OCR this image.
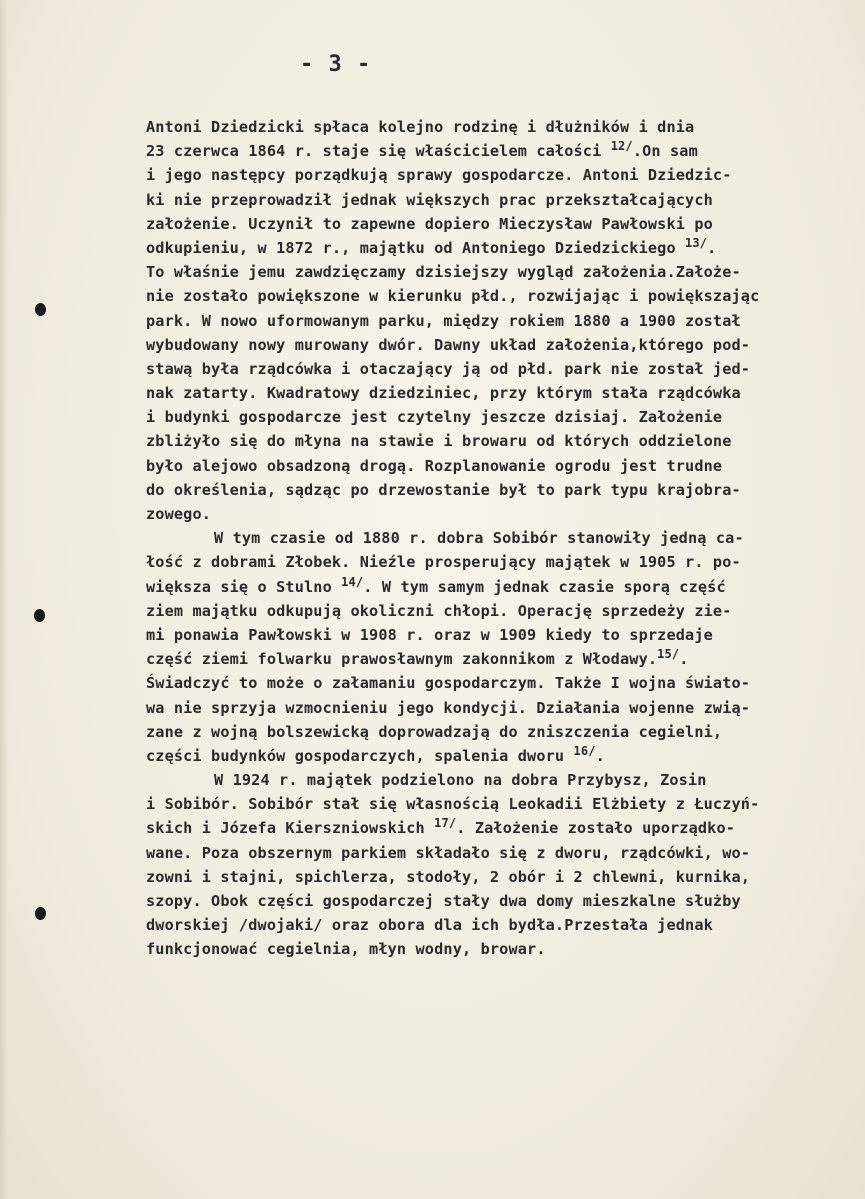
- 3 -
Antoni Dziedzicki spłaca kolejno rodzinę i dłużników i dnia
23 czerwca 1864 r. staje się właścicielem całości $^{12/}$.On sam
i jego następcy porządkują sprawy gospodarcze. Antoni Dziedzic-
ki nie przeprowadził jednak większych prac przekształcających
założenie. Uczynił to zapewne dopiero Mieczysław Pawłowski po
odkupieniu, w 1872 r., majątku od Antoniego Dziedzickiego $^{13/}$.
To właśnie jemu zawdzięczamy dzisiejszy wygląd założenia.Założe-
nie zostało powiększone w kierunku płd., rozwijając i powiększając
park. W nowo uformowanym parku, między rokiem 1880 a 1900 został
wybudowany nowy murowany dwór. Dawny układ założenia,którego pod-
stawą była rządcówka i otaczający ją od płd. park nie został jed-
nak zatarty. Kwadratowy dziedziniec, przy którym stała rządcówka
i budynki gospodarcze jest czytelny jeszcze dzisiaj. Założenie
zbliżyło się do młyna na stawie i browaru od których oddzielone
było alejowo obsadzoną drogą. Rozplanowanie ogrodu jest trudne
do określenia, sądząc po drzewostanie był to park typu krajobra-
zowego.
W tym czasie od 1880 r. dobra Sobibór stanowiły jedną ca-
łość z dobrami Złobek. Nieźle prosperujący majątek w 1905 r. po-
większa się o Stulno $^{14/}$. W tym samym jednak czasie sporą część
ziem majątku odkupują okoliczni chłopi. Operację sprzedeży zie-
mi ponawia Pawłowski w 1908 r. oraz w 1909 kiedy to sprzedaje
część ziemi folwarku prawosławnym zakonnikom z Włodawy.$^{15/}$.
Świadczyć to może o załamaniu gospodarczym. Także I wojna świato-
wa nie sprzyja wzmocnieniu jego kondycji. Działania wojenne zwią-
zane z wojną bolszewicką doprowadzają do zniszczenia cegielni,
części budynków gospodarczych, spalenia dworu $^{16/}$.
W 1924 r. majątek podzielono na dobra Przybysz, Zosin
i Sobibór. Sobibór stał się własnością Leokadii Elżbiety z Łuczyń-
skich i Józefa Kierszniowskich $^{17/}$. Założenie zostało uporządko-
wane. Poza obszernym parkiem składało się z dworu, rządcówki, wo-
zowni i stajni, spichlerza, stodoły, 2 obór i 2 chlewni, kurnika,
szopy. Obok części gospodarczej stały dwa domy mieszkalne służby
dworskiej /dwojaki/ oraz obora dla ich bydła.Przestała jednak
funkcjonować cegielnia, młyn wodny, browar.
